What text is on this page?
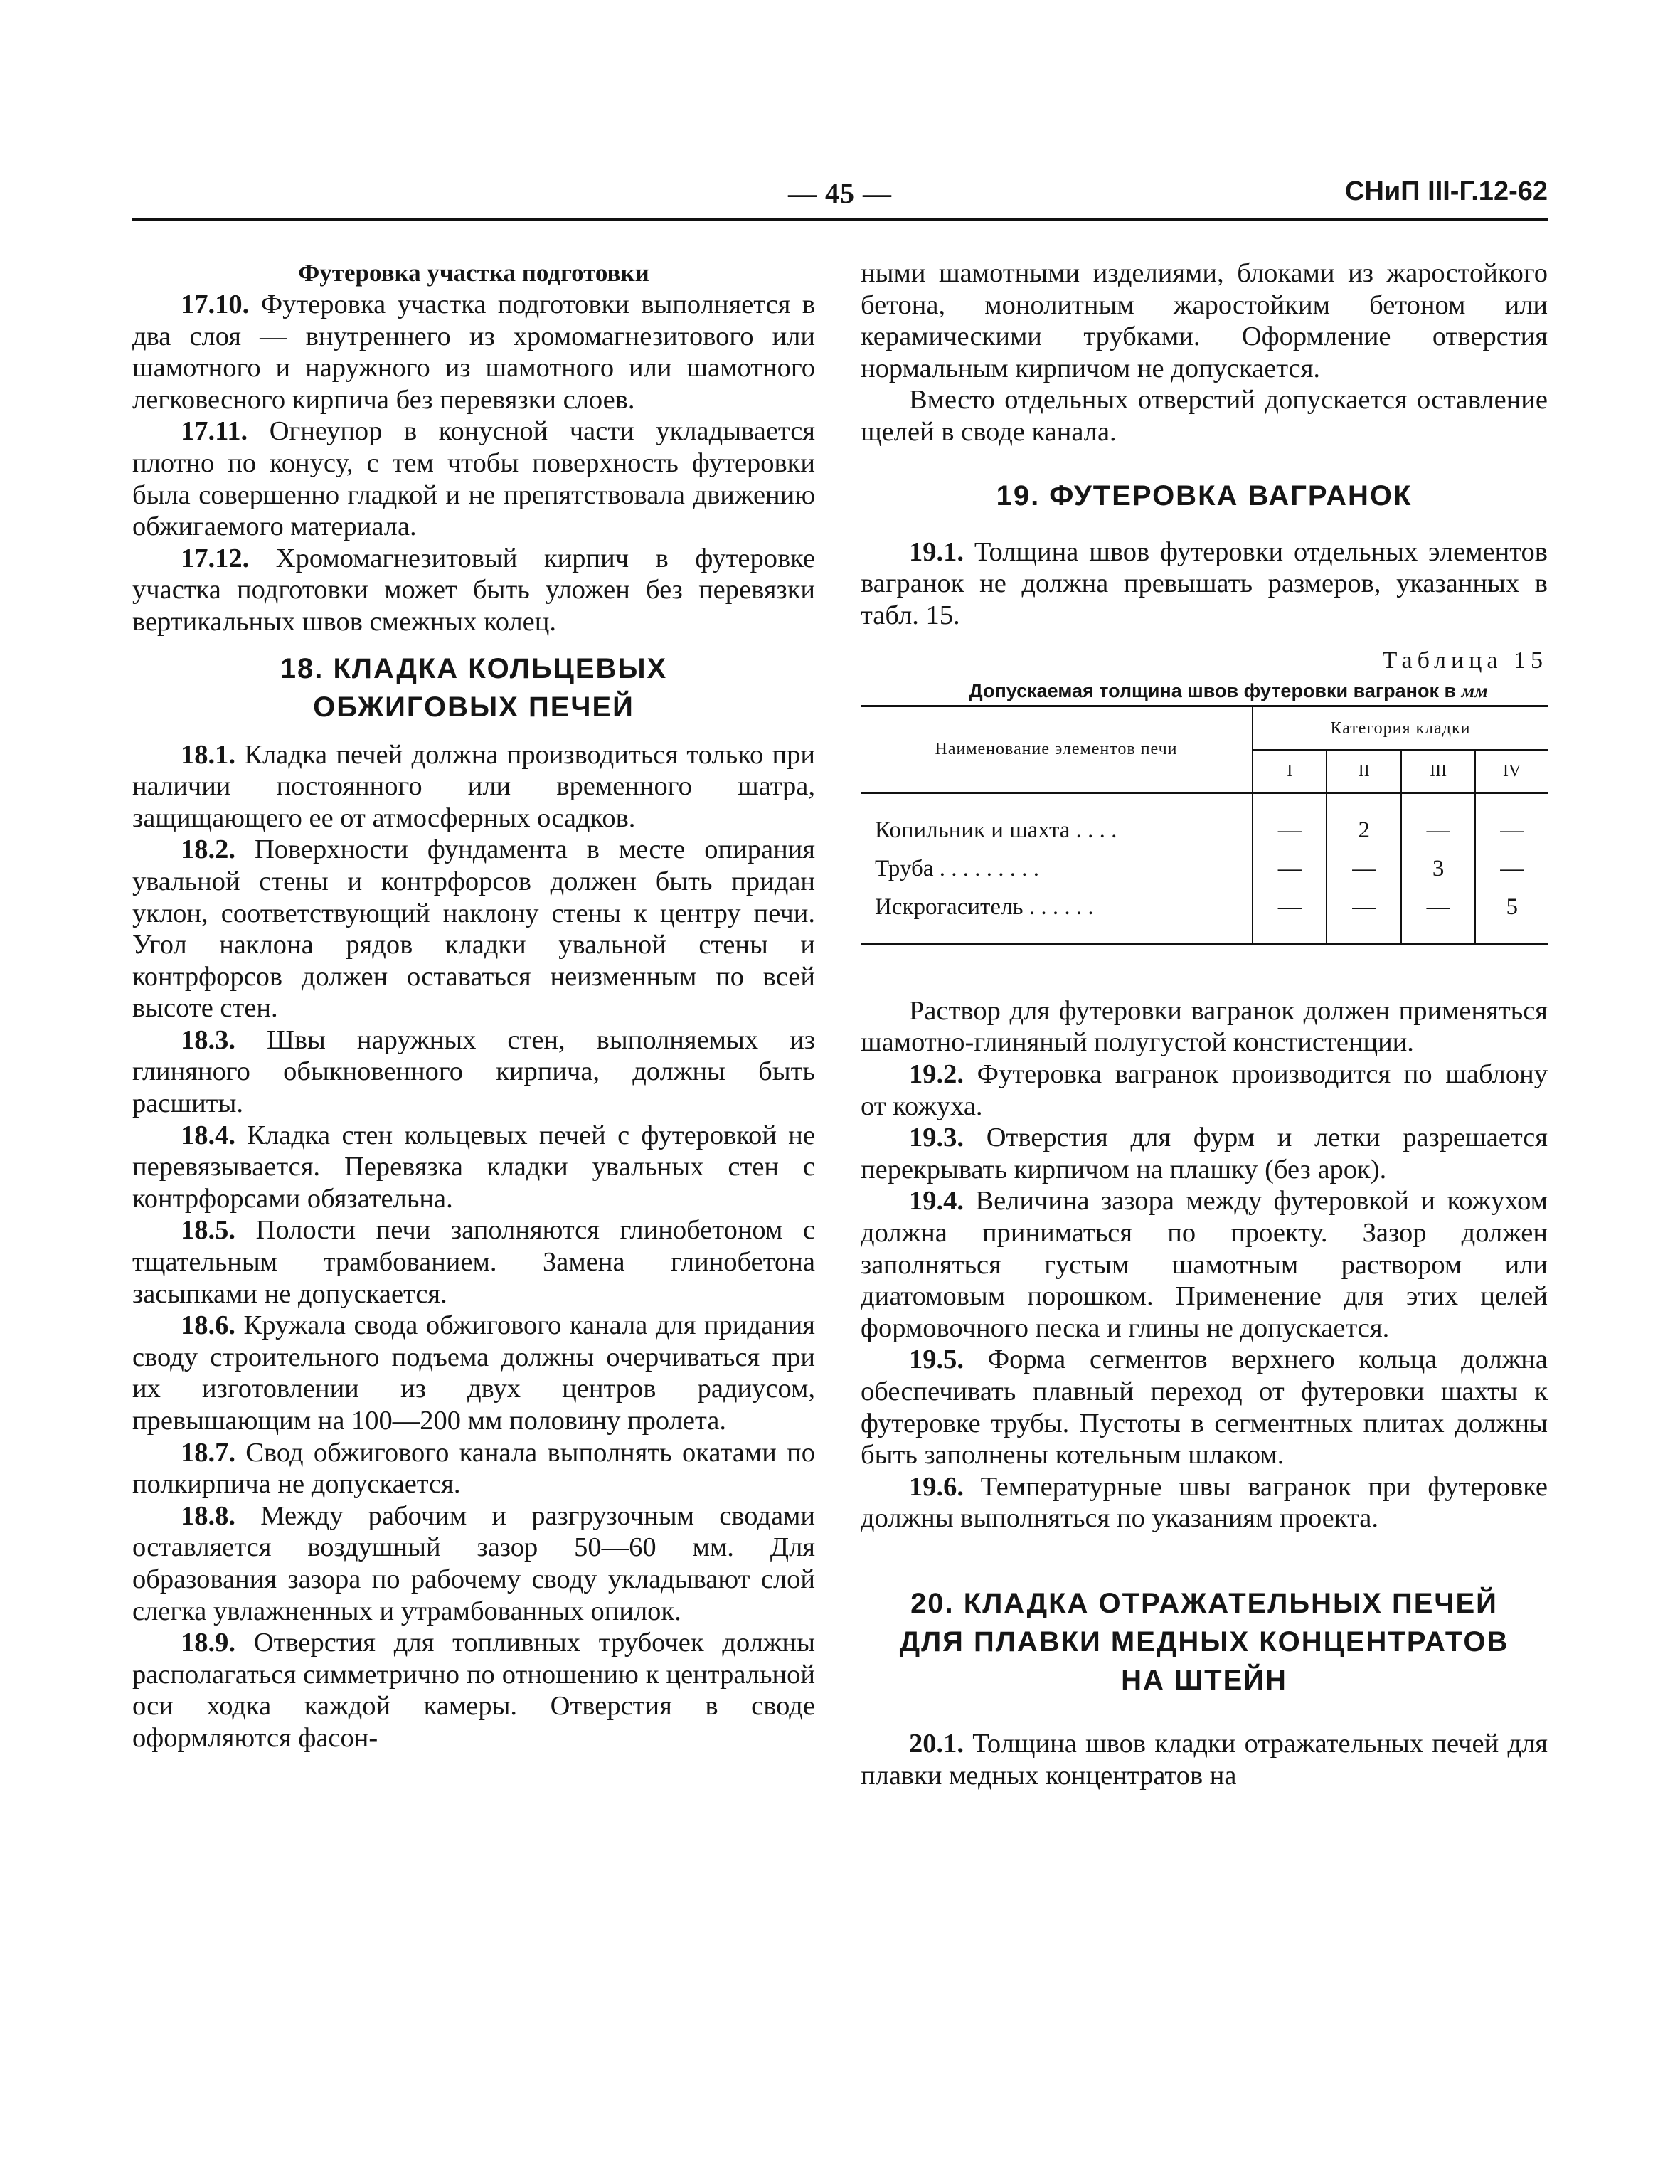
— 45 —	СНиП III-Г.12-62
Футеровка участка подготовки

17.10. Футеровка участка подготовки выполняется в два слоя — внутреннего из хромомагнезитового или шамотного и наружного из шамотного или шамотного легковесного кирпича без перевязки слоев.

17.11. Огнеупор в конусной части укладывается плотно по конусу, с тем чтобы поверхность футеровки была совершенно гладкой и не препятствовала движению обжигаемого материала.

17.12. Хромомагнезитовый кирпич в футеровке участка подготовки может быть уложен без перевязки вертикальных швов смежных колец.

18. КЛАДКА КОЛЬЦЕВЫХ
ОБЖИГОВЫХ ПЕЧЕЙ

18.1. Кладка печей должна производиться только при наличии постоянного или временного шатра, защищающего ее от атмосферных осадков.

18.2. Поверхности фундамента в месте опирания увальной стены и контрфорсов должен быть придан уклон, соответствующий наклону стены к центру печи. Угол наклона рядов кладки увальной стены и контрфорсов должен оставаться неизменным по всей высоте стен.

18.3. Швы наружных стен, выполняемых из глиняного обыкновенного кирпича, должны быть расшиты.

18.4. Кладка стен кольцевых печей с футеровкой не перевязывается. Перевязка кладки увальных стен с контрфорсами обязательна.

18.5. Полости печи заполняются глинобетоном с тщательным трамбованием. Замена глинобетона засыпками не допускается.

18.6. Кружала свода обжигового канала для придания своду строительного подъема должны очерчиваться при их изготовлении из двух центров радиусом, превышающим на 100—200 мм половину пролета.

18.7. Свод обжигового канала выполнять окатами по полкирпича не допускается.

18.8. Между рабочим и разгрузочным сводами оставляется воздушный зазор 50—60 мм. Для образования зазора по рабочему своду укладывают слой слегка увлажненных и утрамбованных опилок.

18.9. Отверстия для топливных трубочек должны располагаться симметрично по отношению к центральной оси ходка каждой камеры. Отверстия в своде оформляются фасон-

ными шамотными изделиями, блоками из жаростойкого бетона, монолитным жаростойким бетоном или керамическими трубками. Оформление отверстия нормальным кирпичом не допускается.

Вместо отдельных отверстий допускается оставление щелей в своде канала.

19. ФУТЕРОВКА ВАГРАНОК

19.1. Толщина швов футеровки отдельных элементов вагранок не должна превышать размеров, указанных в табл. 15.

Таблица 15

Допускаемая толщина швов футеровки вагранок в мм

Наименование элементов печи	Категория кладки			
	I	II	III	IV
Копильник и шахта . . . .	—	2	—	—
Труба . . . . . . . . .	—	—	3	—
Искрогаситель . . . . . .	—	—	—	5

Раствор для футеровки вагранок должен применяться шамотно-глиняный полугустой констистенции.

19.2. Футеровка вагранок производится по шаблону от кожуха.

19.3. Отверстия для фурм и летки разрешается перекрывать кирпичом на плашку (без арок).

19.4. Величина зазора между футеровкой и кожухом должна приниматься по проекту. Зазор должен заполняться густым шамотным раствором или диатомовым порошком. Применение для этих целей формовочного песка и глины не допускается.

19.5. Форма сегментов верхнего кольца должна обеспечивать плавный переход от футеровки шахты к футеровке трубы. Пустоты в сегментных плитах должны быть заполнены котельным шлаком.

19.6. Температурные швы вагранок при футеровке должны выполняться по указаниям проекта.

20. КЛАДКА ОТРАЖАТЕЛЬНЫХ ПЕЧЕЙ
ДЛЯ ПЛАВКИ МЕДНЫХ КОНЦЕНТРАТОВ
НА ШТЕЙН

20.1. Толщина швов кладки отражательных печей для плавки медных концентратов на
